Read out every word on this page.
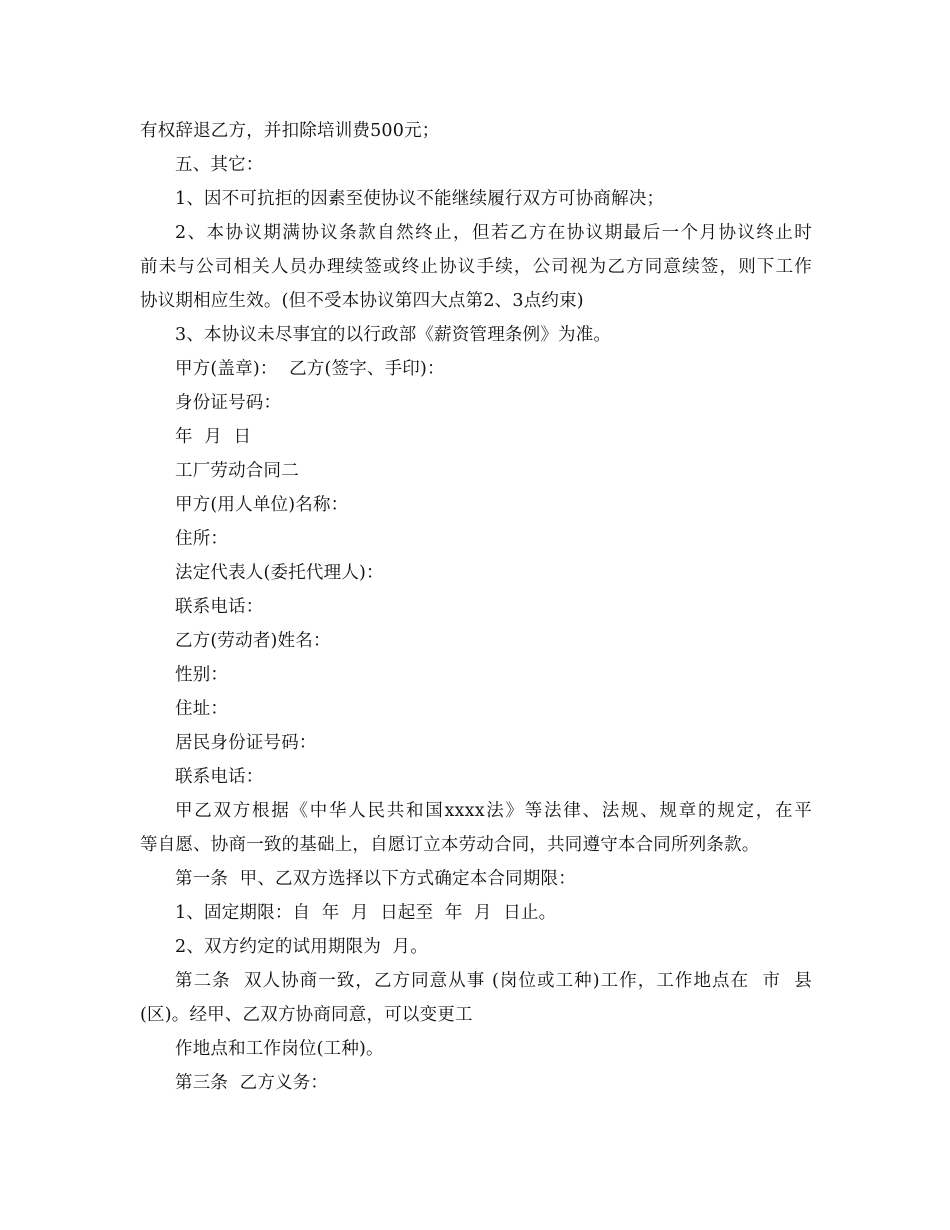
有权辞退乙方，并扣除培训费500元；
五、其它：
1、因不可抗拒的因素至使协议不能继续履行双方可协商解决；
2、本协议期满协议条款自然终止，但若乙方在协议期最后一个月协议终止时
前未与公司相关人员办理续签或终止协议手续，公司视为乙方同意续签，则下工作
协议期相应生效。(但不受本协议第四大点第2、3点约束)
3、本协议未尽事宜的以行政部《薪资管理条例》为准。
甲方(盖章)：  乙方(签字、手印)：
身份证号码：
年  月  日
工厂劳动合同二
甲方(用人单位)名称：
住所：
法定代表人(委托代理人)：
联系电话：
乙方(劳动者)姓名：
性别：
住址：
居民身份证号码：
联系电话：
甲乙双方根据《中华人民共和国xxxx法》等法律、法规、规章的规定，在平
等自愿、协商一致的基础上，自愿订立本劳动合同，共同遵守本合同所列条款。
第一条  甲、乙双方选择以下方式确定本合同期限：
1、固定期限：自  年  月  日起至  年  月  日止。
2、双方约定的试用期限为  月。
第二条  双人协商一致，乙方同意从事 (岗位或工种)工作，工作地点在  市  县
(区)。经甲、乙双方协商同意，可以变更工
作地点和工作岗位(工种)。
第三条  乙方义务：
